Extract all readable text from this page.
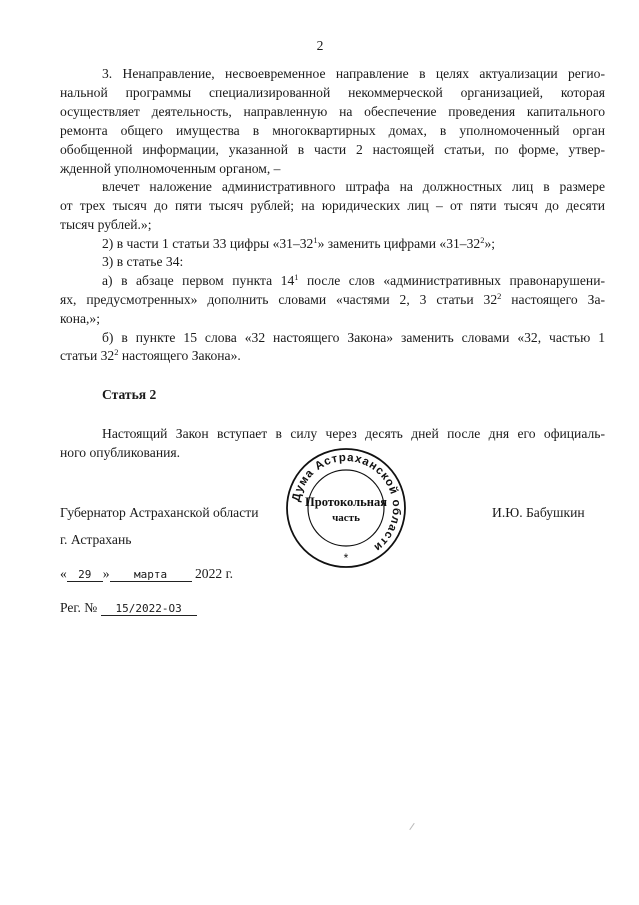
2
3. Ненаправление, несвоевременное направление в целях актуализации регио-
нальной программы специализированной некоммерческой организацией, которая
осуществляет деятельность, направленную на обеспечение проведения капитального
ремонта общего имущества в многоквартирных домах, в уполномоченный орган
обобщенной информации, указанной в части 2 настоящей статьи, по форме, утвер-
жденной уполномоченным органом, –
влечет наложение административного штрафа на должностных лиц в размере
от трех тысяч до пяти тысяч рублей; на юридических лиц – от пяти тысяч до десяти
тысяч рублей.»;
2) в части 1 статьи 33 цифры «$31-32^1$» заменить цифрами «$31-32^2$»;
3) в статье 34:
а) в абзаце первом пункта $14^1$ после слов «административных правонарушени-
ях, предусмотренных» дополнить словами «частями 2, 3 статьи $32^2$ настоящего За-
кона,»;
б) в пункте 15 слова «32 настоящего Закона» заменить словами «32, частью 1
статьи $32^2$ настоящего Закона».
Статья 2
Настоящий Закон вступает в силу через десять дней после дня его официаль-
ного опубликования.
Губернатор Астраханской области	И.Ю. Бабушкин
Дума Астраханской области
Протокольная
часть
*
г. Астрахань
« 29 » марта 2022 г.
Рег. № 15/2022-ОЗ
